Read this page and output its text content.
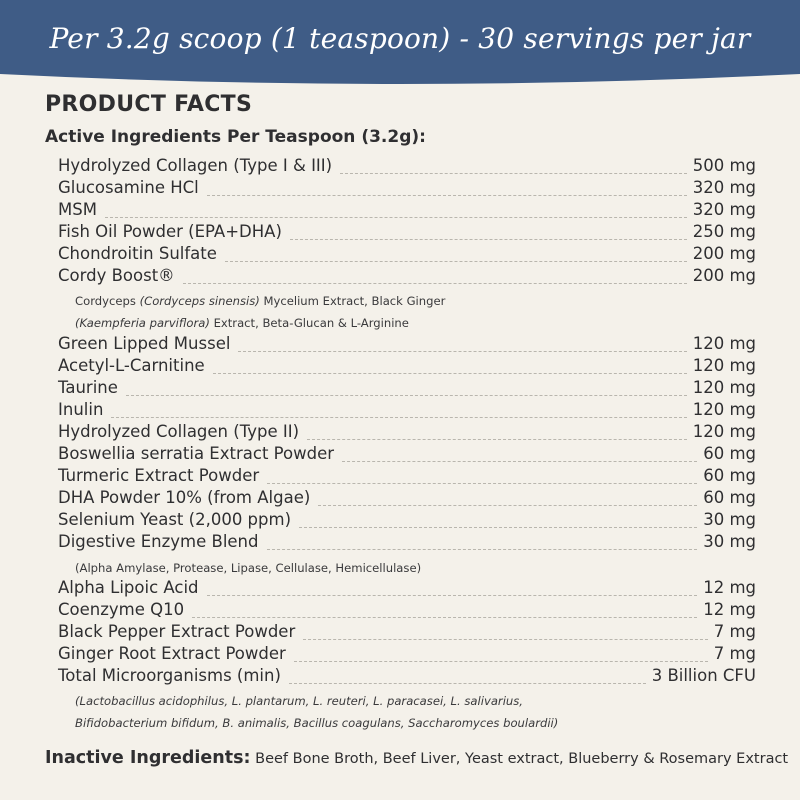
Per 3.2g scoop (1 teaspoon) - 30 servings per jar
PRODUCT FACTS
Active Ingredients Per Teaspoon (3.2g):
Hydrolyzed Collagen (Type I & III)	500 mg
Glucosamine HCl	320 mg
MSM	320 mg
Fish Oil Powder (EPA+DHA)	250 mg
Chondroitin Sulfate	200 mg
Cordy Boost®	200 mg
Cordyceps (Cordyceps sinensis) Mycelium Extract, Black Ginger
(Kaempferia parviflora) Extract, Beta-Glucan & L-Arginine
Green Lipped Mussel	120 mg
Acetyl-L-Carnitine	120 mg
Taurine	120 mg
Inulin	120 mg
Hydrolyzed Collagen (Type II)	120 mg
Boswellia serratia Extract Powder	60 mg
Turmeric Extract Powder	60 mg
DHA Powder 10% (from Algae)	60 mg
Selenium Yeast (2,000 ppm)	30 mg
Digestive Enzyme Blend	30 mg
(Alpha Amylase, Protease, Lipase, Cellulase, Hemicellulase)
Alpha Lipoic Acid	12 mg
Coenzyme Q10	12 mg
Black Pepper Extract Powder	7 mg
Ginger Root Extract Powder	7 mg
Total Microorganisms (min)	3 Billion CFU
(Lactobacillus acidophilus, L. plantarum, L. reuteri, L. paracasei, L. salivarius,
Bifidobacterium bifidum, B. animalis, Bacillus coagulans, Saccharomyces boulardii)
Inactive Ingredients: Beef Bone Broth, Beef Liver, Yeast extract, Blueberry & Rosemary Extract
